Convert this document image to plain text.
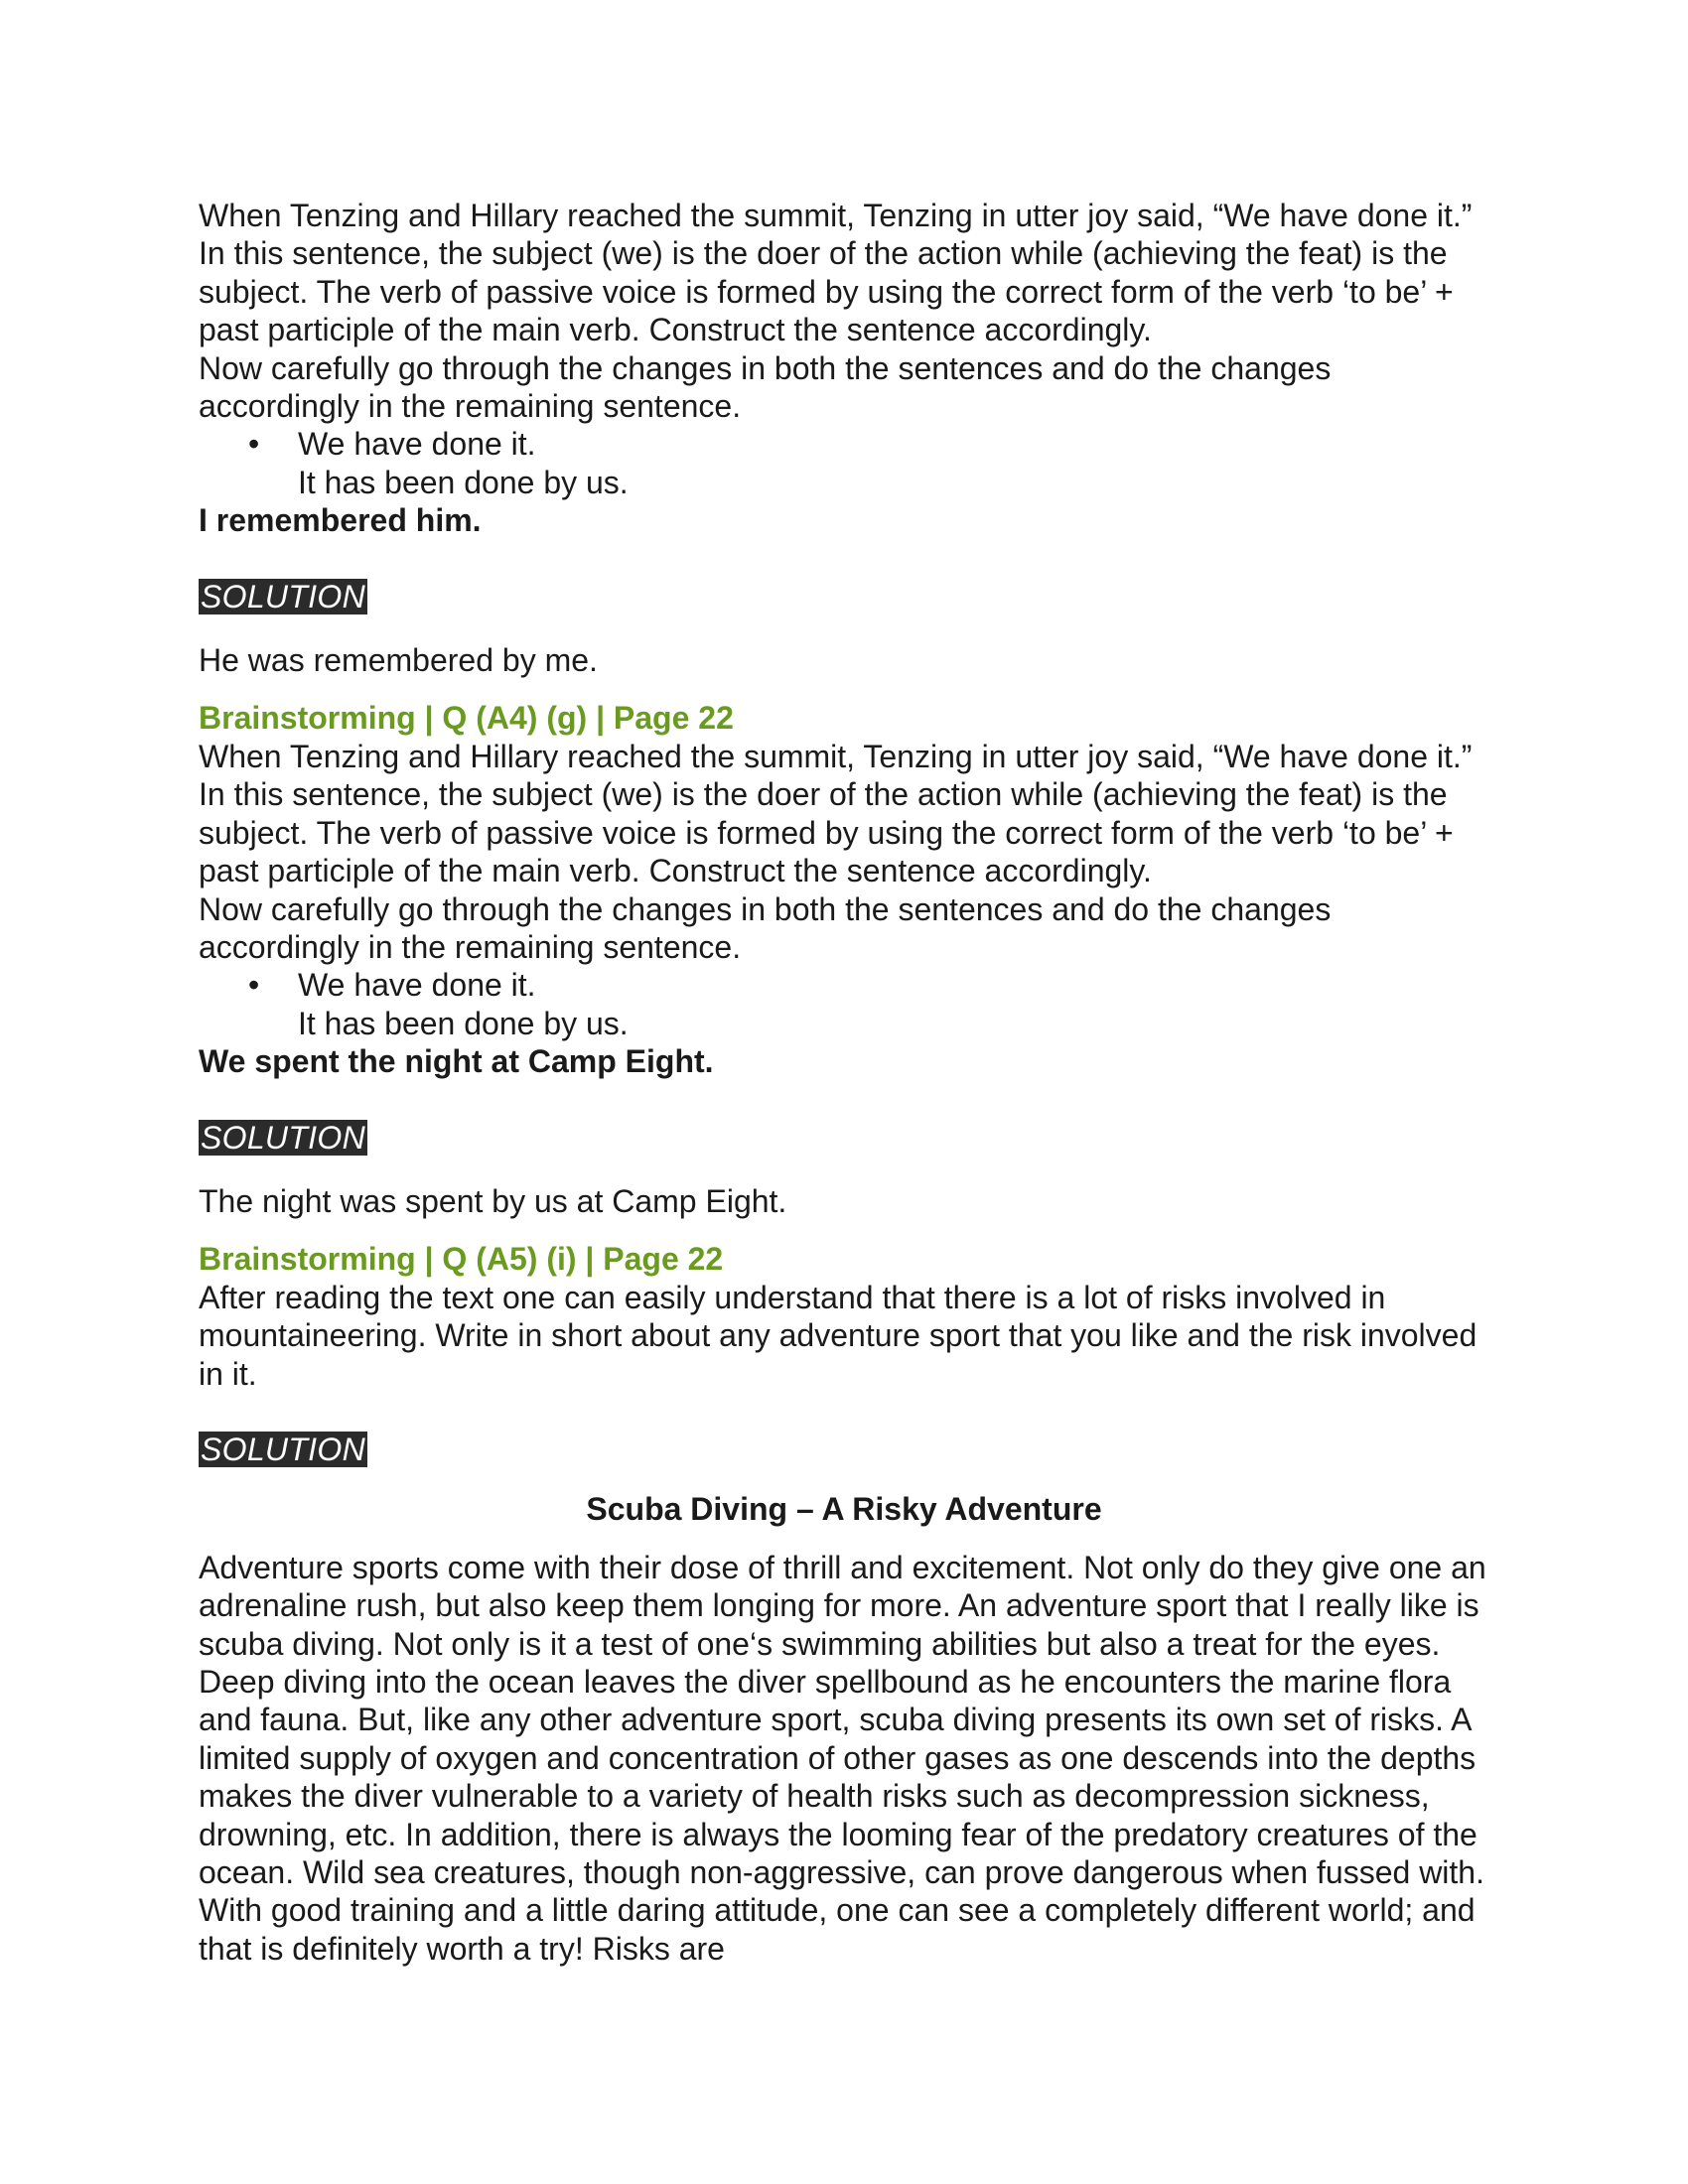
When Tenzing and Hillary reached the summit, Tenzing in utter joy said, “We have done it.” In this sentence, the subject (we) is the doer of the action while (achieving the feat) is the subject. The verb of passive voice is formed by using the correct form of the verb ‘to be’ + past participle of the main verb. Construct the sentence accordingly.

Now carefully go through the changes in both the sentences and do the changes accordingly in the remaining sentence.

• We have done it.
It has been done by us.
I remembered him.
SOLUTION
He was remembered by me.
Brainstorming | Q (A4) (g) | Page 22

When Tenzing and Hillary reached the summit, Tenzing in utter joy said, “We have done it.” In this sentence, the subject (we) is the doer of the action while (achieving the feat) is the subject. The verb of passive voice is formed by using the correct form of the verb ‘to be’ + past participle of the main verb. Construct the sentence accordingly.

Now carefully go through the changes in both the sentences and do the changes accordingly in the remaining sentence.

• We have done it.
It has been done by us.
We spent the night at Camp Eight.
SOLUTION
The night was spent by us at Camp Eight.
Brainstorming | Q (A5) (i) | Page 22

After reading the text one can easily understand that there is a lot of risks involved in mountaineering. Write in short about any adventure sport that you like and the risk involved in it.

SOLUTION
Scuba Diving – A Risky Adventure

Adventure sports come with their dose of thrill and excitement. Not only do they give one an adrenaline rush, but also keep them longing for more. An adventure sport that I really like is scuba diving. Not only is it a test of one‘s swimming abilities but also a treat for the eyes. Deep diving into the ocean leaves the diver spellbound as he encounters the marine flora and fauna. But, like any other adventure sport, scuba diving presents its own set of risks. A limited supply of oxygen and concentration of other gases as one descends into the depths makes the diver vulnerable to a variety of health risks such as decompression sickness, drowning, etc. In addition, there is always the looming fear of the predatory creatures of the ocean. Wild sea creatures, though non-aggressive, can prove dangerous when fussed with. With good training and a little daring attitude, one can see a completely different world; and that is definitely worth a try! Risks are
